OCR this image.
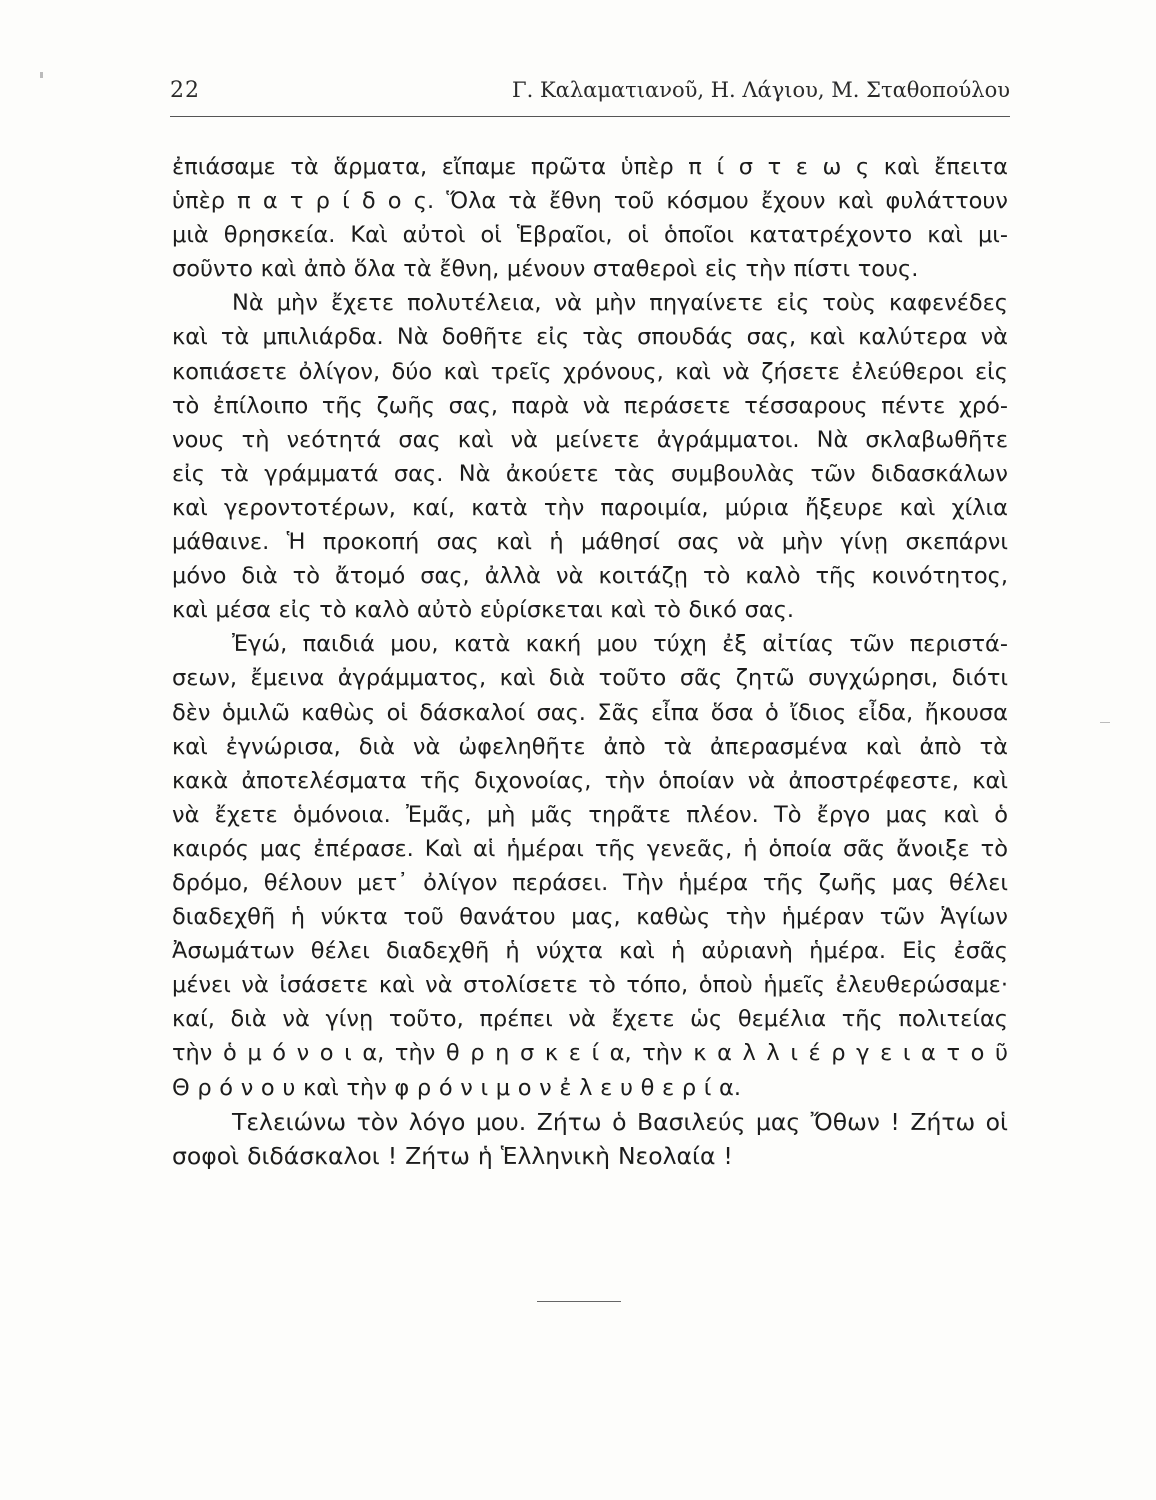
22	Γ. Καλαματιανοῦ, Η. Λάγιου, Μ. Σταθοπούλου
ἐπιάσαμε τὰ ἅρματα, εἴπαμε πρῶτα ὑπὲρ π ί σ τ ε ω ς καὶ ἔπειτα
ὑπὲρ π α τ ρ ί δ ο ς. Ὅλα τὰ ἔθνη τοῦ κόσμου ἔχουν καὶ φυλάττουν
μιὰ θρησκεία. Καὶ αὐτοὶ οἱ Ἑβραῖοι, οἱ ὁποῖοι κατατρέχοντο καὶ μι-
σοῦντο καὶ ἀπὸ ὅλα τὰ ἔθνη, μένουν σταθεροὶ εἰς τὴν πίστι τους.
Νὰ μὴν ἔχετε πολυτέλεια, νὰ μὴν πηγαίνετε εἰς τοὺς καφενέδες
καὶ τὰ μπιλιάρδα. Νὰ δοθῆτε εἰς τὰς σπουδάς σας, καὶ καλύτερα νὰ
κοπιάσετε ὀλίγον, δύο καὶ τρεῖς χρόνους, καὶ νὰ ζήσετε ἐλεύθεροι εἰς
τὸ ἐπίλοιπο τῆς ζωῆς σας, παρὰ νὰ περάσετε τέσσαρους πέντε χρό-
νους τὴ νεότητά σας καὶ νὰ μείνετε ἀγράμματοι. Νὰ σκλαβωθῆτε
εἰς τὰ γράμματά σας. Νὰ ἀκούετε τὰς συμβουλὰς τῶν διδασκάλων
καὶ γεροντοτέρων, καί, κατὰ τὴν παροιμία, μύρια ἤξευρε καὶ χίλια
μάθαινε. Ἡ προκοπή σας καὶ ἡ μάθησί σας νὰ μὴν γίνῃ σκεπάρνι
μόνο διὰ τὸ ἄτομό σας, ἀλλὰ νὰ κοιτάζῃ τὸ καλὸ τῆς κοινότητος,
καὶ μέσα εἰς τὸ καλὸ αὐτὸ εὑρίσκεται καὶ τὸ δικό σας.
Ἐγώ, παιδιά μου, κατὰ κακή μου τύχη ἐξ αἰτίας τῶν περιστά-
σεων, ἔμεινα ἀγράμματος, καὶ διὰ τοῦτο σᾶς ζητῶ συγχώρησι, διότι
δὲν ὁμιλῶ καθὼς οἱ δάσκαλοί σας. Σᾶς εἶπα ὅσα ὁ ἴδιος εἶδα, ἤκουσα
καὶ ἐγνώρισα, διὰ νὰ ὠφεληθῆτε ἀπὸ τὰ ἀπερασμένα καὶ ἀπὸ τὰ
κακὰ ἀποτελέσματα τῆς διχονοίας, τὴν ὁποίαν νὰ ἀποστρέφεστε, καὶ
νὰ ἔχετε ὁμόνοια. Ἐμᾶς, μὴ μᾶς τηρᾶτε πλέον. Τὸ ἔργο μας καὶ ὁ
καιρός μας ἐπέρασε. Καὶ αἱ ἡμέραι τῆς γενεᾶς, ἡ ὁποία σᾶς ἄνοιξε τὸ
δρόμο, θέλουν μετ᾽ ὀλίγον περάσει. Τὴν ἡμέρα τῆς ζωῆς μας θέλει
διαδεχθῆ ἡ νύκτα τοῦ θανάτου μας, καθὼς τὴν ἡμέραν τῶν Ἁγίων
Ἀσωμάτων θέλει διαδεχθῆ ἡ νύχτα καὶ ἡ αὐριανὴ ἡμέρα. Εἰς ἐσᾶς
μένει νὰ ἰσάσετε καὶ νὰ στολίσετε τὸ τόπο, ὁπoὺ ἡμεῖς ἐλευθερώσαμε·
καί, διὰ νὰ γίνῃ τοῦτο, πρέπει νὰ ἔχετε ὡς θεμέλια τῆς πολιτείας
τὴν ὁ μ ό ν ο ι α, τὴν θ ρ η σ κ ε ί α, τὴν κ α λ λ ι έ ρ γ ε ι α τ ο ῦ
Θ ρ ό ν ο υ καὶ τὴν φ ρ ό ν ι μ ο ν ἐ λ ε υ θ ε ρ ί α.
Τελειώνω τὸν λόγο μου. Ζήτω ὁ Βασιλεύς μας Ὄθων ! Ζήτω οἱ
σοφοὶ διδάσκαλοι ! Ζήτω ἡ Ἑλληνικὴ Νεολαία !
